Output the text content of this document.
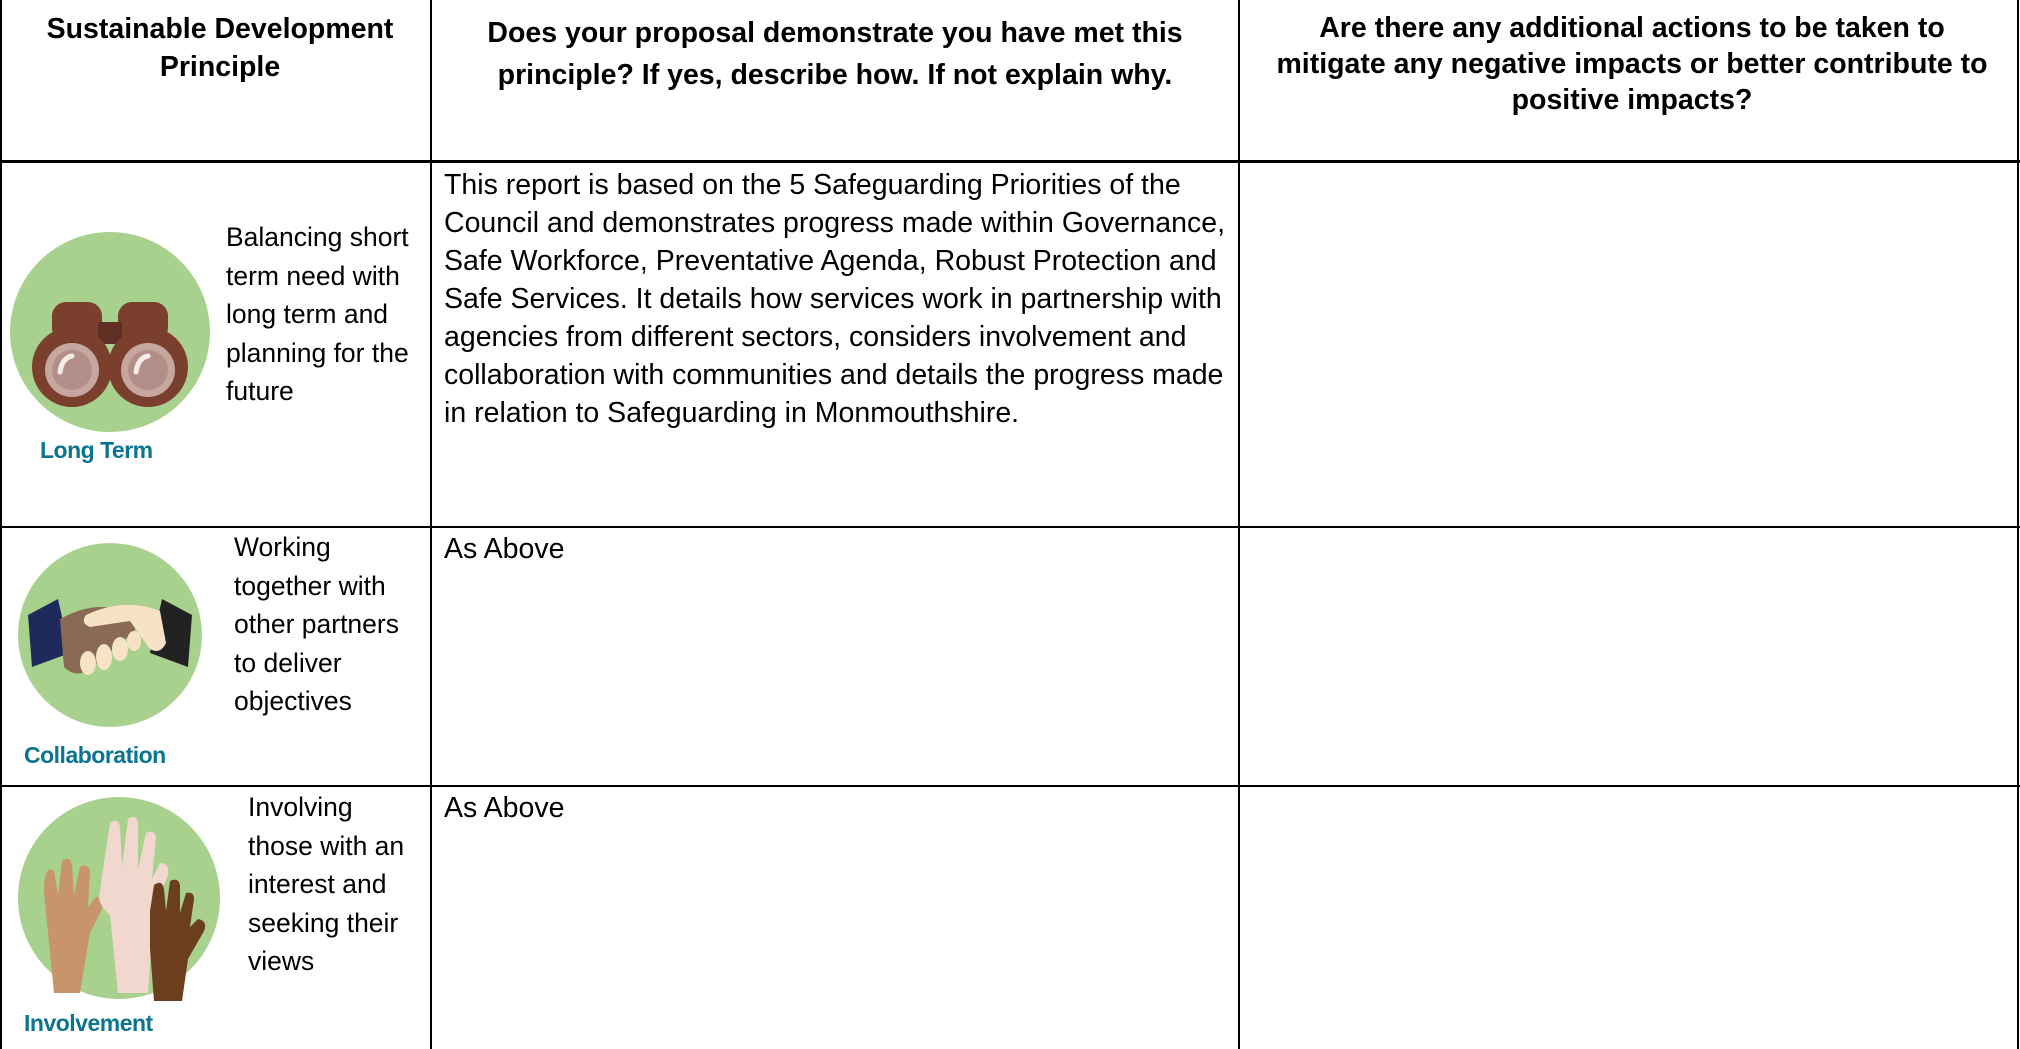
Sustainable Development Principle
Does your proposal demonstrate you have met this principle? If yes, describe how. If not explain why.
Are there any additional actions to be taken to mitigate any negative impacts or better contribute to positive impacts?
Long Term
Balancing short term need with long term and planning for the future
This report is based on the 5 Safeguarding Priorities of the Council and demonstrates progress made within Governance, Safe Workforce, Preventative Agenda, Robust Protection and Safe Services. It details how services work in partnership with agencies from different sectors, considers involvement and collaboration with communities and details the progress made in relation to Safeguarding in Monmouthshire.
Collaboration
Working together with other partners to deliver objectives
As Above
Involvement
Involving those with an interest and seeking their views
As Above
